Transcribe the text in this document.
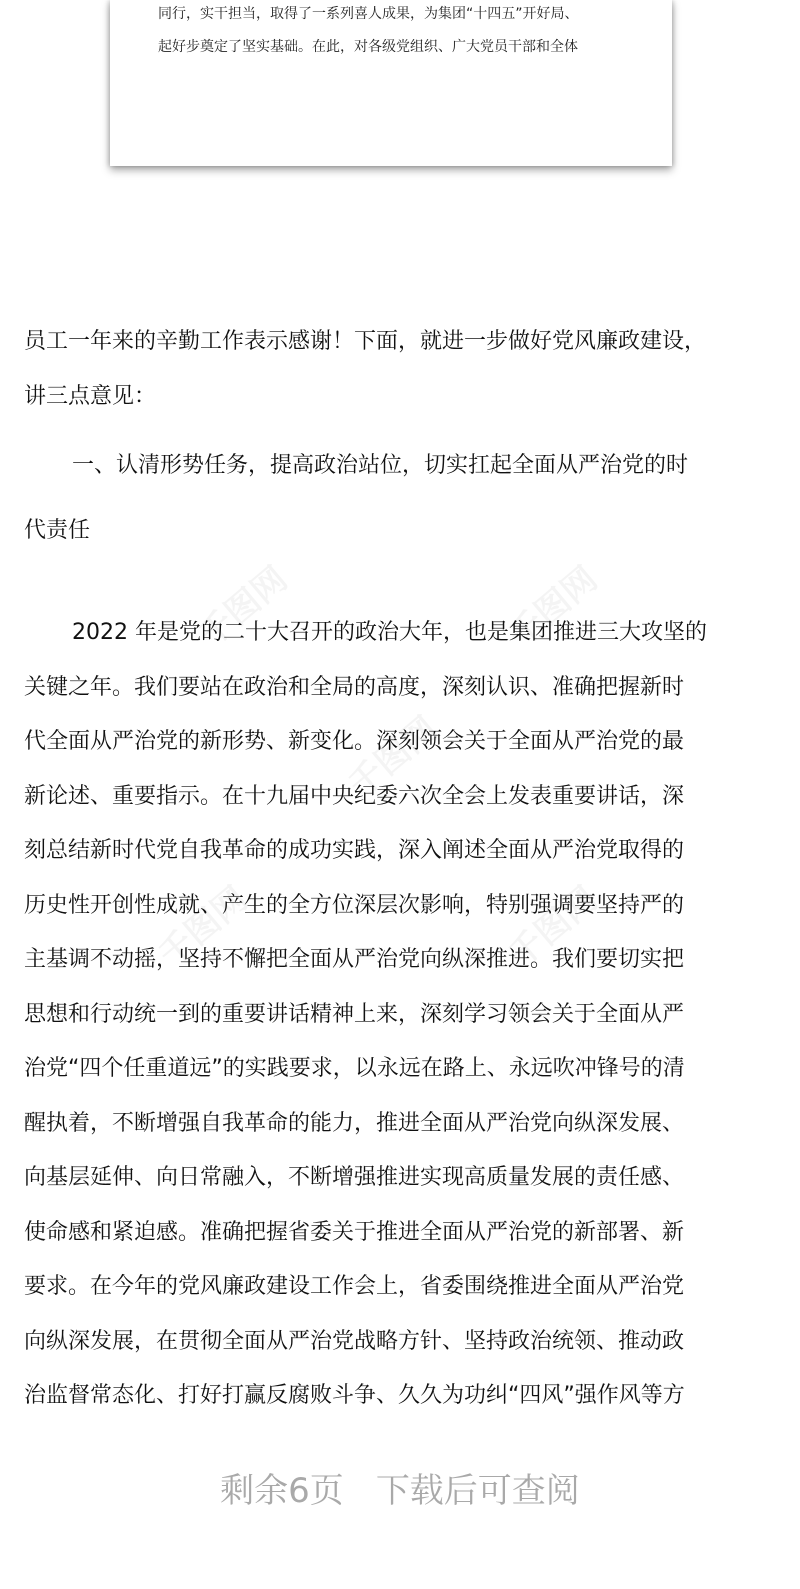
同行，实干担当，取得了一系列喜人成果，为集团“十四五”开好局、
起好步奠定了坚实基础。在此，对各级党组织、广大党员干部和全体
员工一年来的辛勤工作表示感谢！下面，就进一步做好党风廉政建设，
讲三点意见：
一、认清形势任务，提高政治站位，切实扛起全面从严治党的时
代责任
2022 年是党的二十大召开的政治大年，也是集团推进三大攻坚的
关键之年。我们要站在政治和全局的高度，深刻认识、准确把握新时
代全面从严治党的新形势、新变化。深刻领会关于全面从严治党的最
新论述、重要指示。在十九届中央纪委六次全会上发表重要讲话，深
刻总结新时代党自我革命的成功实践，深入阐述全面从严治党取得的
历史性开创性成就、产生的全方位深层次影响，特别强调要坚持严的
主基调不动摇，坚持不懈把全面从严治党向纵深推进。我们要切实把
思想和行动统一到的重要讲话精神上来，深刻学习领会关于全面从严
治党“四个任重道远”的实践要求，以永远在路上、永远吹冲锋号的清
醒执着，不断增强自我革命的能力，推进全面从严治党向纵深发展、
向基层延伸、向日常融入，不断增强推进实现高质量发展的责任感、
使命感和紧迫感。准确把握省委关于推进全面从严治党的新部署、新
要求。在今年的党风廉政建设工作会上，省委围绕推进全面从严治党
向纵深发展，在贯彻全面从严治党战略方针、坚持政治统领、推动政
治监督常态化、打好打赢反腐败斗争、久久为功纠“四风”强作风等方
剩余6页 下载后可查阅
